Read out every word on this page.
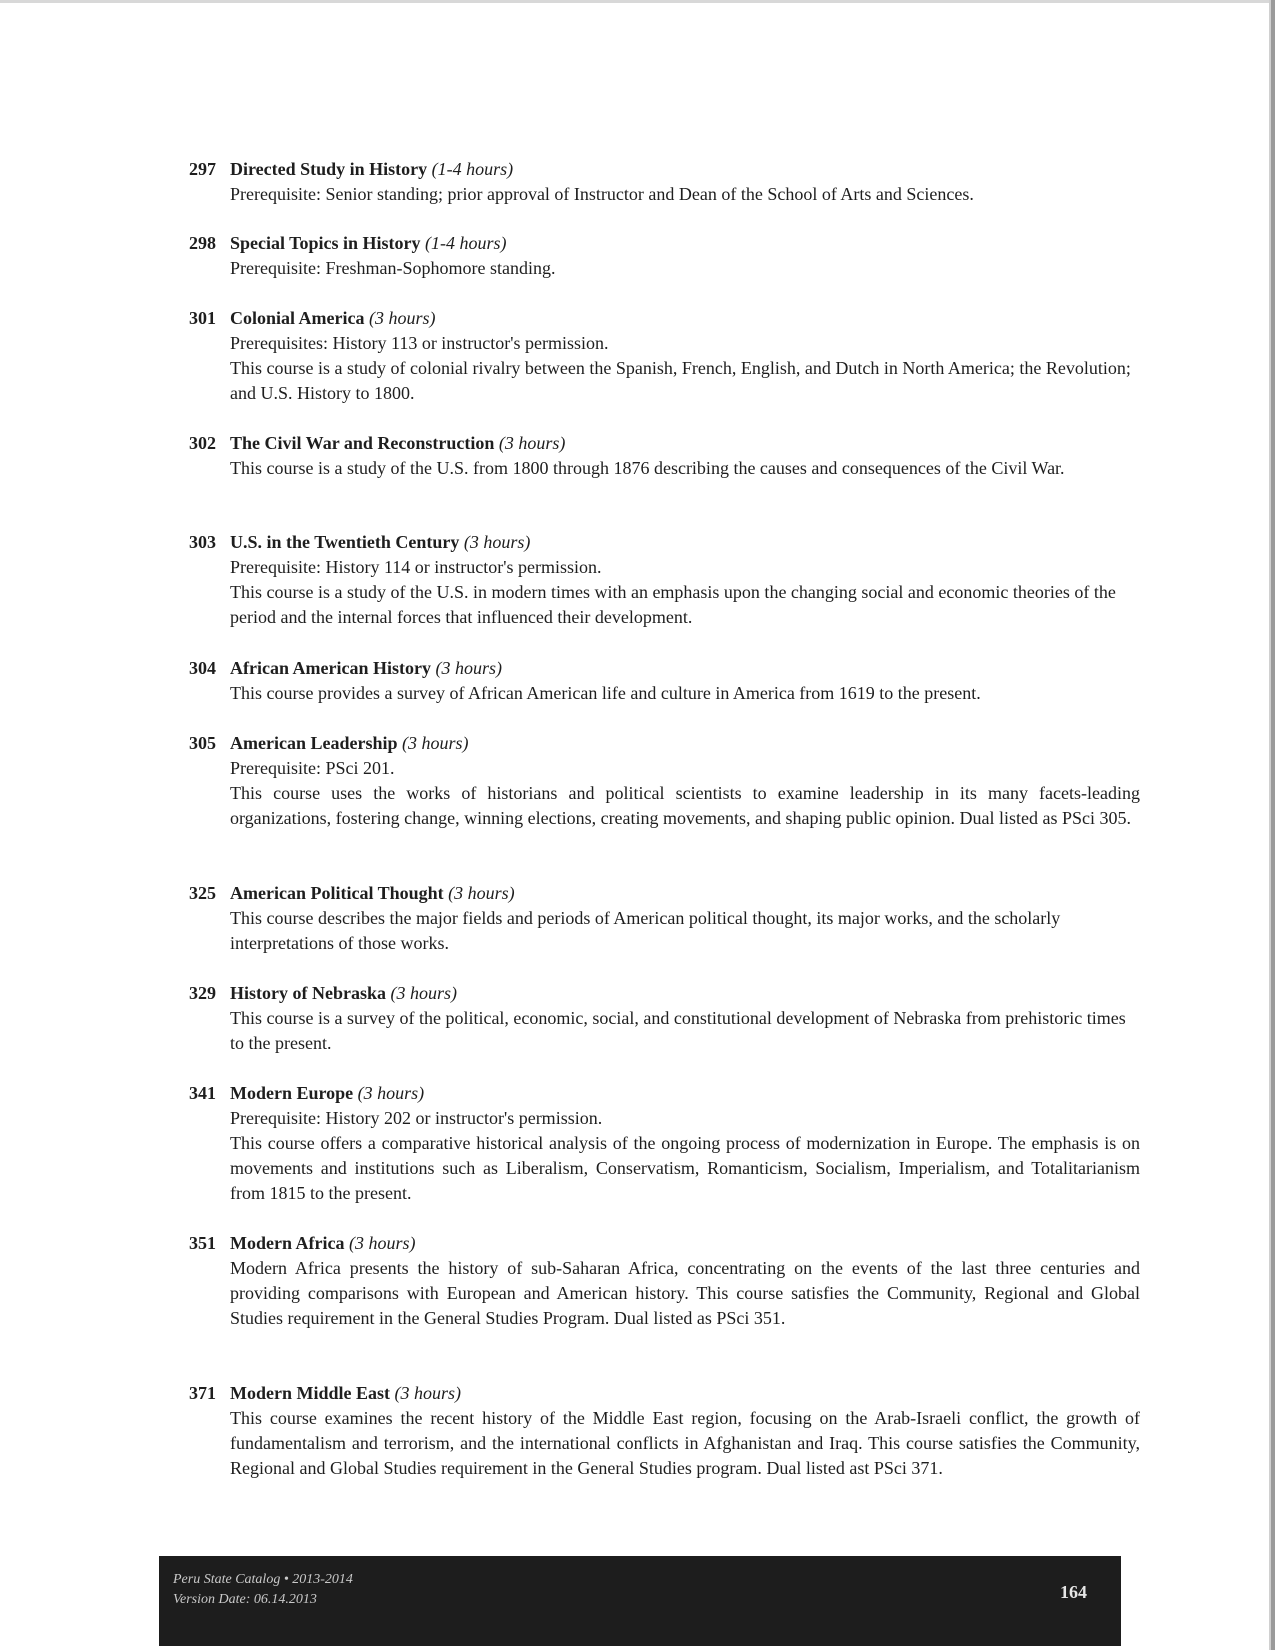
297 Directed Study in History (1-4 hours)

Prerequisite: Senior standing; prior approval of Instructor and Dean of the School of Arts and Sciences.

298 Special Topics in History (1-4 hours)

Prerequisite: Freshman-Sophomore standing.

301 Colonial America (3 hours)

Prerequisites: History 113 or instructor's permission.

This course is a study of colonial rivalry between the Spanish, French, English, and Dutch in North America; the Revolution; and U.S. History to 1800.

302 The Civil War and Reconstruction (3 hours)

This course is a study of the U.S. from 1800 through 1876 describing the causes and consequences of the Civil War.

303 U.S. in the Twentieth Century (3 hours)

Prerequisite: History 114 or instructor's permission.

This course is a study of the U.S. in modern times with an emphasis upon the changing social and economic theories of the period and the internal forces that influenced their development.

304 African American History (3 hours)

This course provides a survey of African American life and culture in America from 1619 to the present.

305 American Leadership (3 hours)

Prerequisite: PSci 201.

This course uses the works of historians and political scientists to examine leadership in its many facets-leading organizations, fostering change, winning elections, creating movements, and shaping public opinion. Dual listed as PSci 305.

325 American Political Thought (3 hours)

This course describes the major fields and periods of American political thought, its major works, and the scholarly interpretations of those works.

329 History of Nebraska (3 hours)

This course is a survey of the political, economic, social, and constitutional development of Nebraska from prehistoric times to the present.

341 Modern Europe (3 hours)

Prerequisite: History 202 or instructor's permission.

This course offers a comparative historical analysis of the ongoing process of modernization in Europe. The emphasis is on movements and institutions such as Liberalism, Conservatism, Romanticism, Socialism, Imperialism, and Totalitarianism from 1815 to the present.

351 Modern Africa (3 hours)

Modern Africa presents the history of sub-Saharan Africa, concentrating on the events of the last three centuries and providing comparisons with European and American history. This course satisfies the Community, Regional and Global Studies requirement in the General Studies Program. Dual listed as PSci 351.

371 Modern Middle East (3 hours)

This course examines the recent history of the Middle East region, focusing on the Arab-Israeli conflict, the growth of fundamentalism and terrorism, and the international conflicts in Afghanistan and Iraq. This course satisfies the Community, Regional and Global Studies requirement in the General Studies program. Dual listed ast PSci 371.

Peru State Catalog • 2013-2014
Version Date: 06.14.2013	164
